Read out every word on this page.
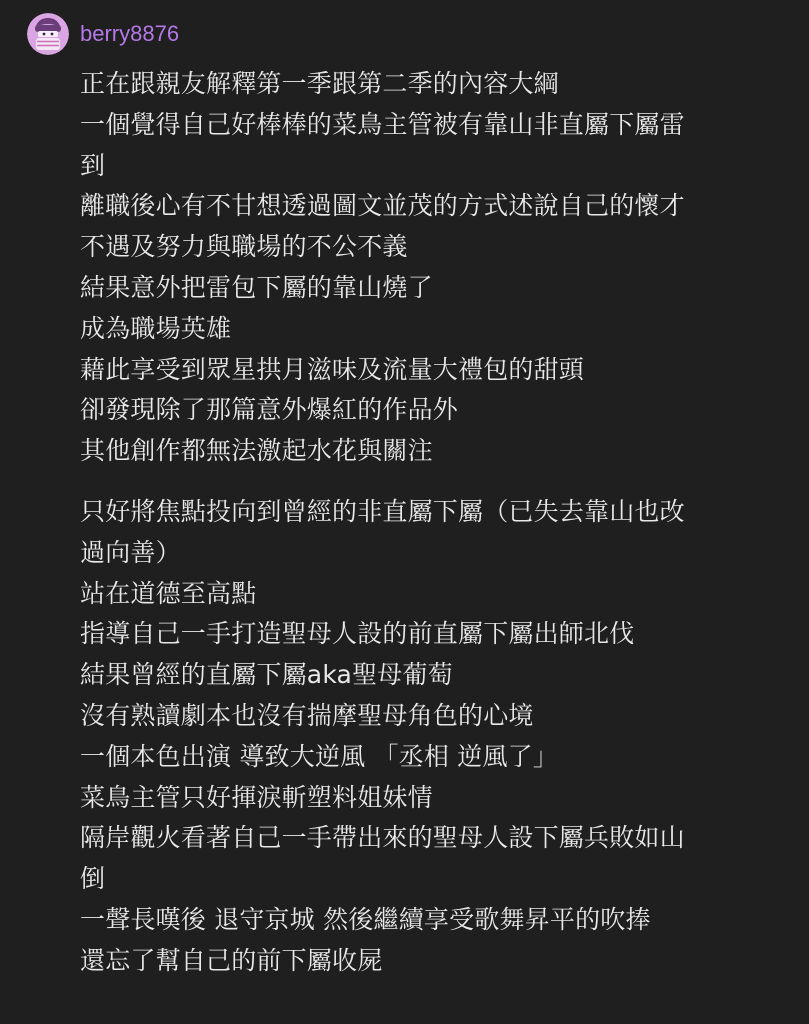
berry8876
正在跟親友解釋第一季跟第二季的內容大綱
一個覺得自己好棒棒的菜鳥主管被有靠山非直屬下屬雷
到
離職後心有不甘想透過圖文並茂的方式述說自己的懷才
不遇及努力與職場的不公不義
結果意外把雷包下屬的靠山燒了
成為職場英雄
藉此享受到眾星拱月滋味及流量大禮包的甜頭
卻發現除了那篇意外爆紅的作品外
其他創作都無法激起水花與關注
只好將焦點投向到曾經的非直屬下屬（已失去靠山也改
過向善）
站在道德至高點
指導自己一手打造聖母人設的前直屬下屬出師北伐
結果曾經的直屬下屬aka聖母葡萄
沒有熟讀劇本也沒有揣摩聖母角色的心境
一個本色出演 導致大逆風 「丞相 逆風了」
菜鳥主管只好揮淚斬塑料姐妹情
隔岸觀火看著自己一手帶出來的聖母人設下屬兵敗如山
倒
一聲長嘆後 退守京城 然後繼續享受歌舞昇平的吹捧
還忘了幫自己的前下屬收屍
